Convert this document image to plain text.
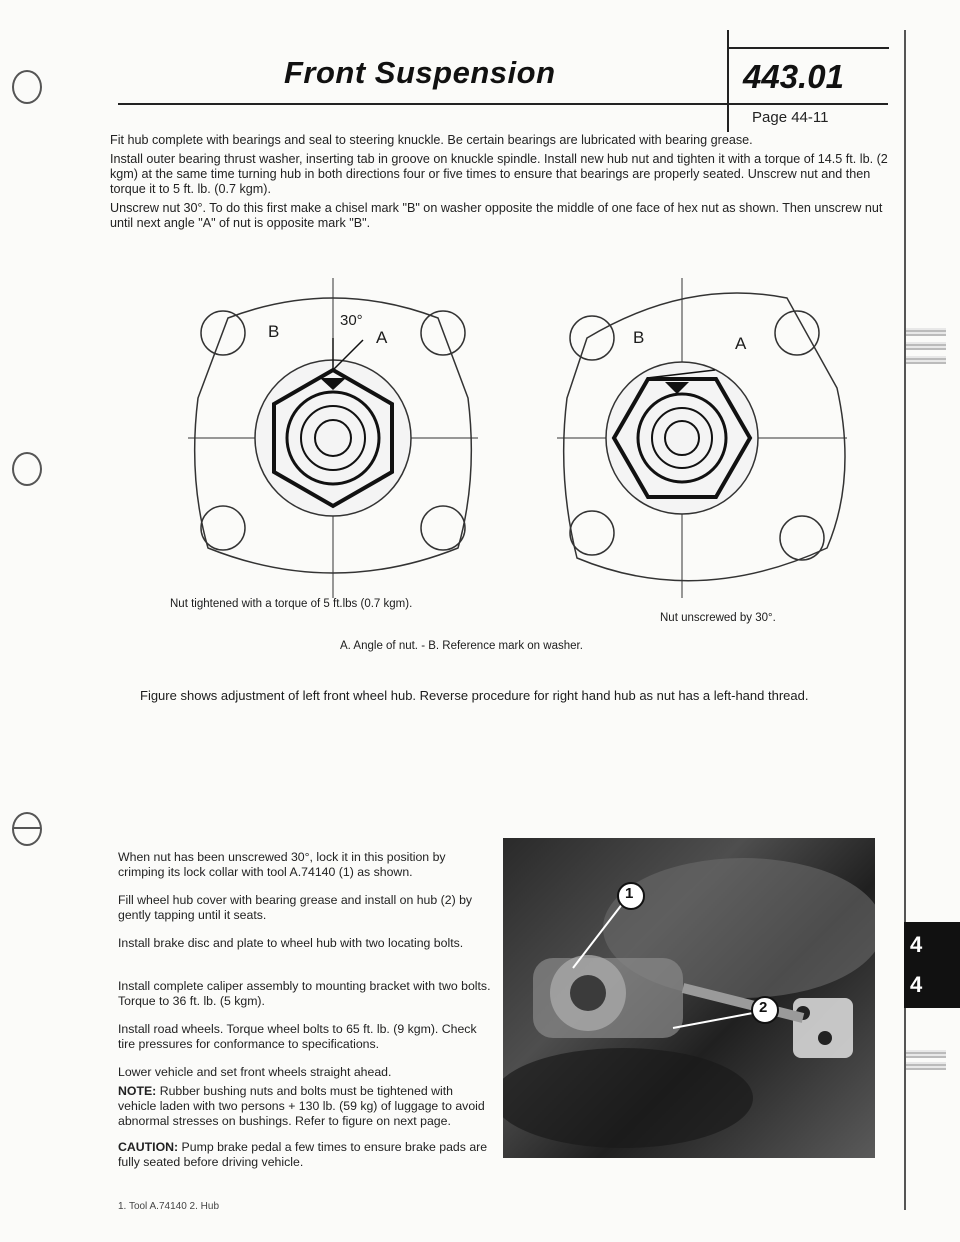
Front Suspension	443.01
Page 44-11
Fit hub complete with bearings and seal to steering knuckle. Be certain bearings are lubricated with bearing grease.
Install outer bearing thrust washer, inserting tab in groove on knuckle spindle. Install new hub nut and tighten it with a torque of 14.5 ft. lb. (2 kgm) at the same time turning hub in both directions four or five times to ensure that bearings are properly seated. Unscrew nut and then torque it to 5 ft. lb. (0.7 kgm).
Unscrew nut 30°. To do this first make a chisel mark "B" on washer opposite the middle of one face of hex nut as shown. Then unscrew nut until next angle "A" of nut is opposite mark "B".
B	A
30°
Nut tightened with a torque of 5 ft.lbs (0.7 kgm).
B	A
Nut unscrewed by 30°.
A. Angle of nut. - B. Reference mark on washer.
Figure shows adjustment of left front wheel hub. Reverse procedure for right hand hub as nut has a left-hand thread.
When nut has been unscrewed 30°, lock it in this position by crimping its lock collar with tool A.74140 (1) as shown.
Fill wheel hub cover with bearing grease and install on hub (2) by gently tapping until it seats.
Install brake disc and plate to wheel hub with two locating bolts.
Install complete caliper assembly to mounting bracket with two bolts. Torque to 36 ft. lb. (5 kgm).
Install road wheels. Torque wheel bolts to 65 ft. lb. (9 kgm). Check tire pressures for conformance to specifications.
Lower vehicle and set front wheels straight ahead.
NOTE: Rubber bushing nuts and bolts must be tightened with vehicle laden with two persons + 130 lb. (59 kg) of luggage to avoid abnormal stresses on bushings. Refer to figure on next page.
CAUTION: Pump brake pedal a few times to ensure brake pads are fully seated before driving vehicle.
1. Tool A.74140 2. Hub
1
2
4
4
